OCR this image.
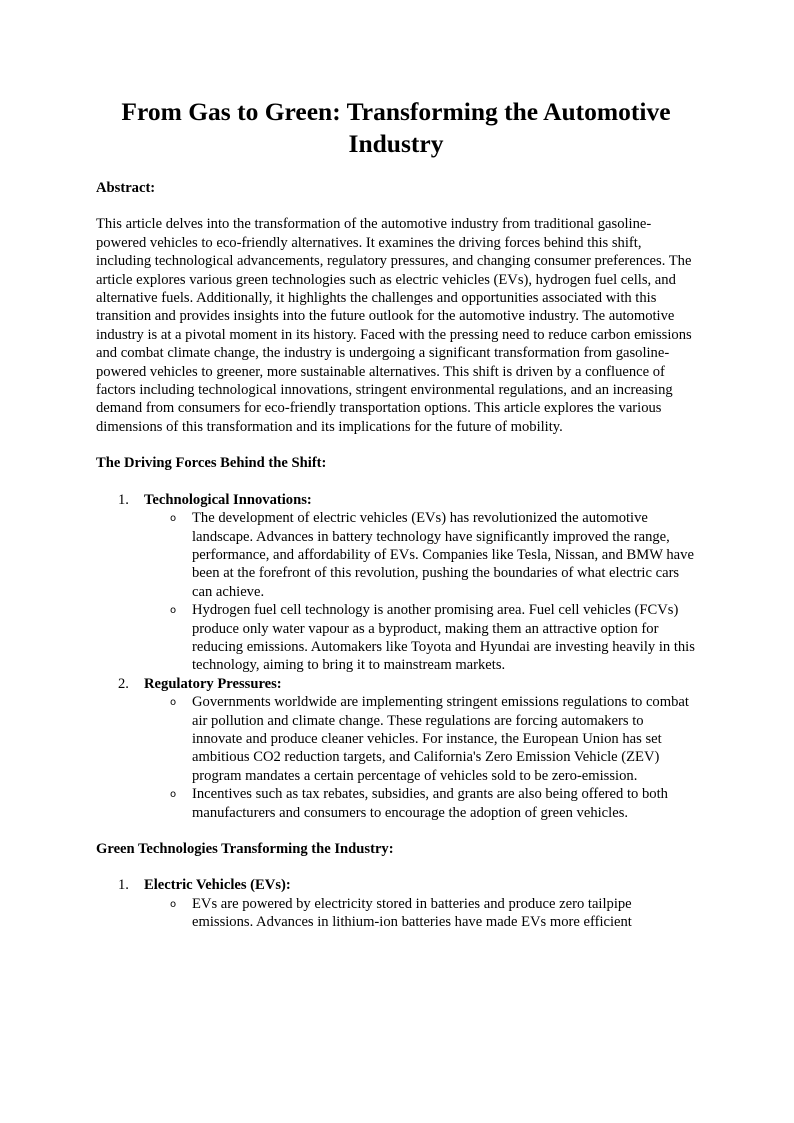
From Gas to Green: Transforming the Automotive Industry

Abstract:

This article delves into the transformation of the automotive industry from traditional gasoline-powered vehicles to eco-friendly alternatives. It examines the driving forces behind this shift, including technological advancements, regulatory pressures, and changing consumer preferences. The article explores various green technologies such as electric vehicles (EVs), hydrogen fuel cells, and alternative fuels. Additionally, it highlights the challenges and opportunities associated with this transition and provides insights into the future outlook for the automotive industry. The automotive industry is at a pivotal moment in its history. Faced with the pressing need to reduce carbon emissions and combat climate change, the industry is undergoing a significant transformation from gasoline-powered vehicles to greener, more sustainable alternatives. This shift is driven by a confluence of factors including technological innovations, stringent environmental regulations, and an increasing demand from consumers for eco-friendly transportation options. This article explores the various dimensions of this transformation and its implications for the future of mobility.

The Driving Forces Behind the Shift:

1. Technological Innovations:
o The development of electric vehicles (EVs) has revolutionized the automotive landscape. Advances in battery technology have significantly improved the range, performance, and affordability of EVs. Companies like Tesla, Nissan, and BMW have been at the forefront of this revolution, pushing the boundaries of what electric cars can achieve.
o Hydrogen fuel cell technology is another promising area. Fuel cell vehicles (FCVs) produce only water vapour as a byproduct, making them an attractive option for reducing emissions. Automakers like Toyota and Hyundai are investing heavily in this technology, aiming to bring it to mainstream markets.
2. Regulatory Pressures:
o Governments worldwide are implementing stringent emissions regulations to combat air pollution and climate change. These regulations are forcing automakers to innovate and produce cleaner vehicles. For instance, the European Union has set ambitious CO2 reduction targets, and California's Zero Emission Vehicle (ZEV) program mandates a certain percentage of vehicles sold to be zero-emission.
o Incentives such as tax rebates, subsidies, and grants are also being offered to both manufacturers and consumers to encourage the adoption of green vehicles.

Green Technologies Transforming the Industry:

1. Electric Vehicles (EVs):
o EVs are powered by electricity stored in batteries and produce zero tailpipe emissions. Advances in lithium-ion batteries have made EVs more efficient
